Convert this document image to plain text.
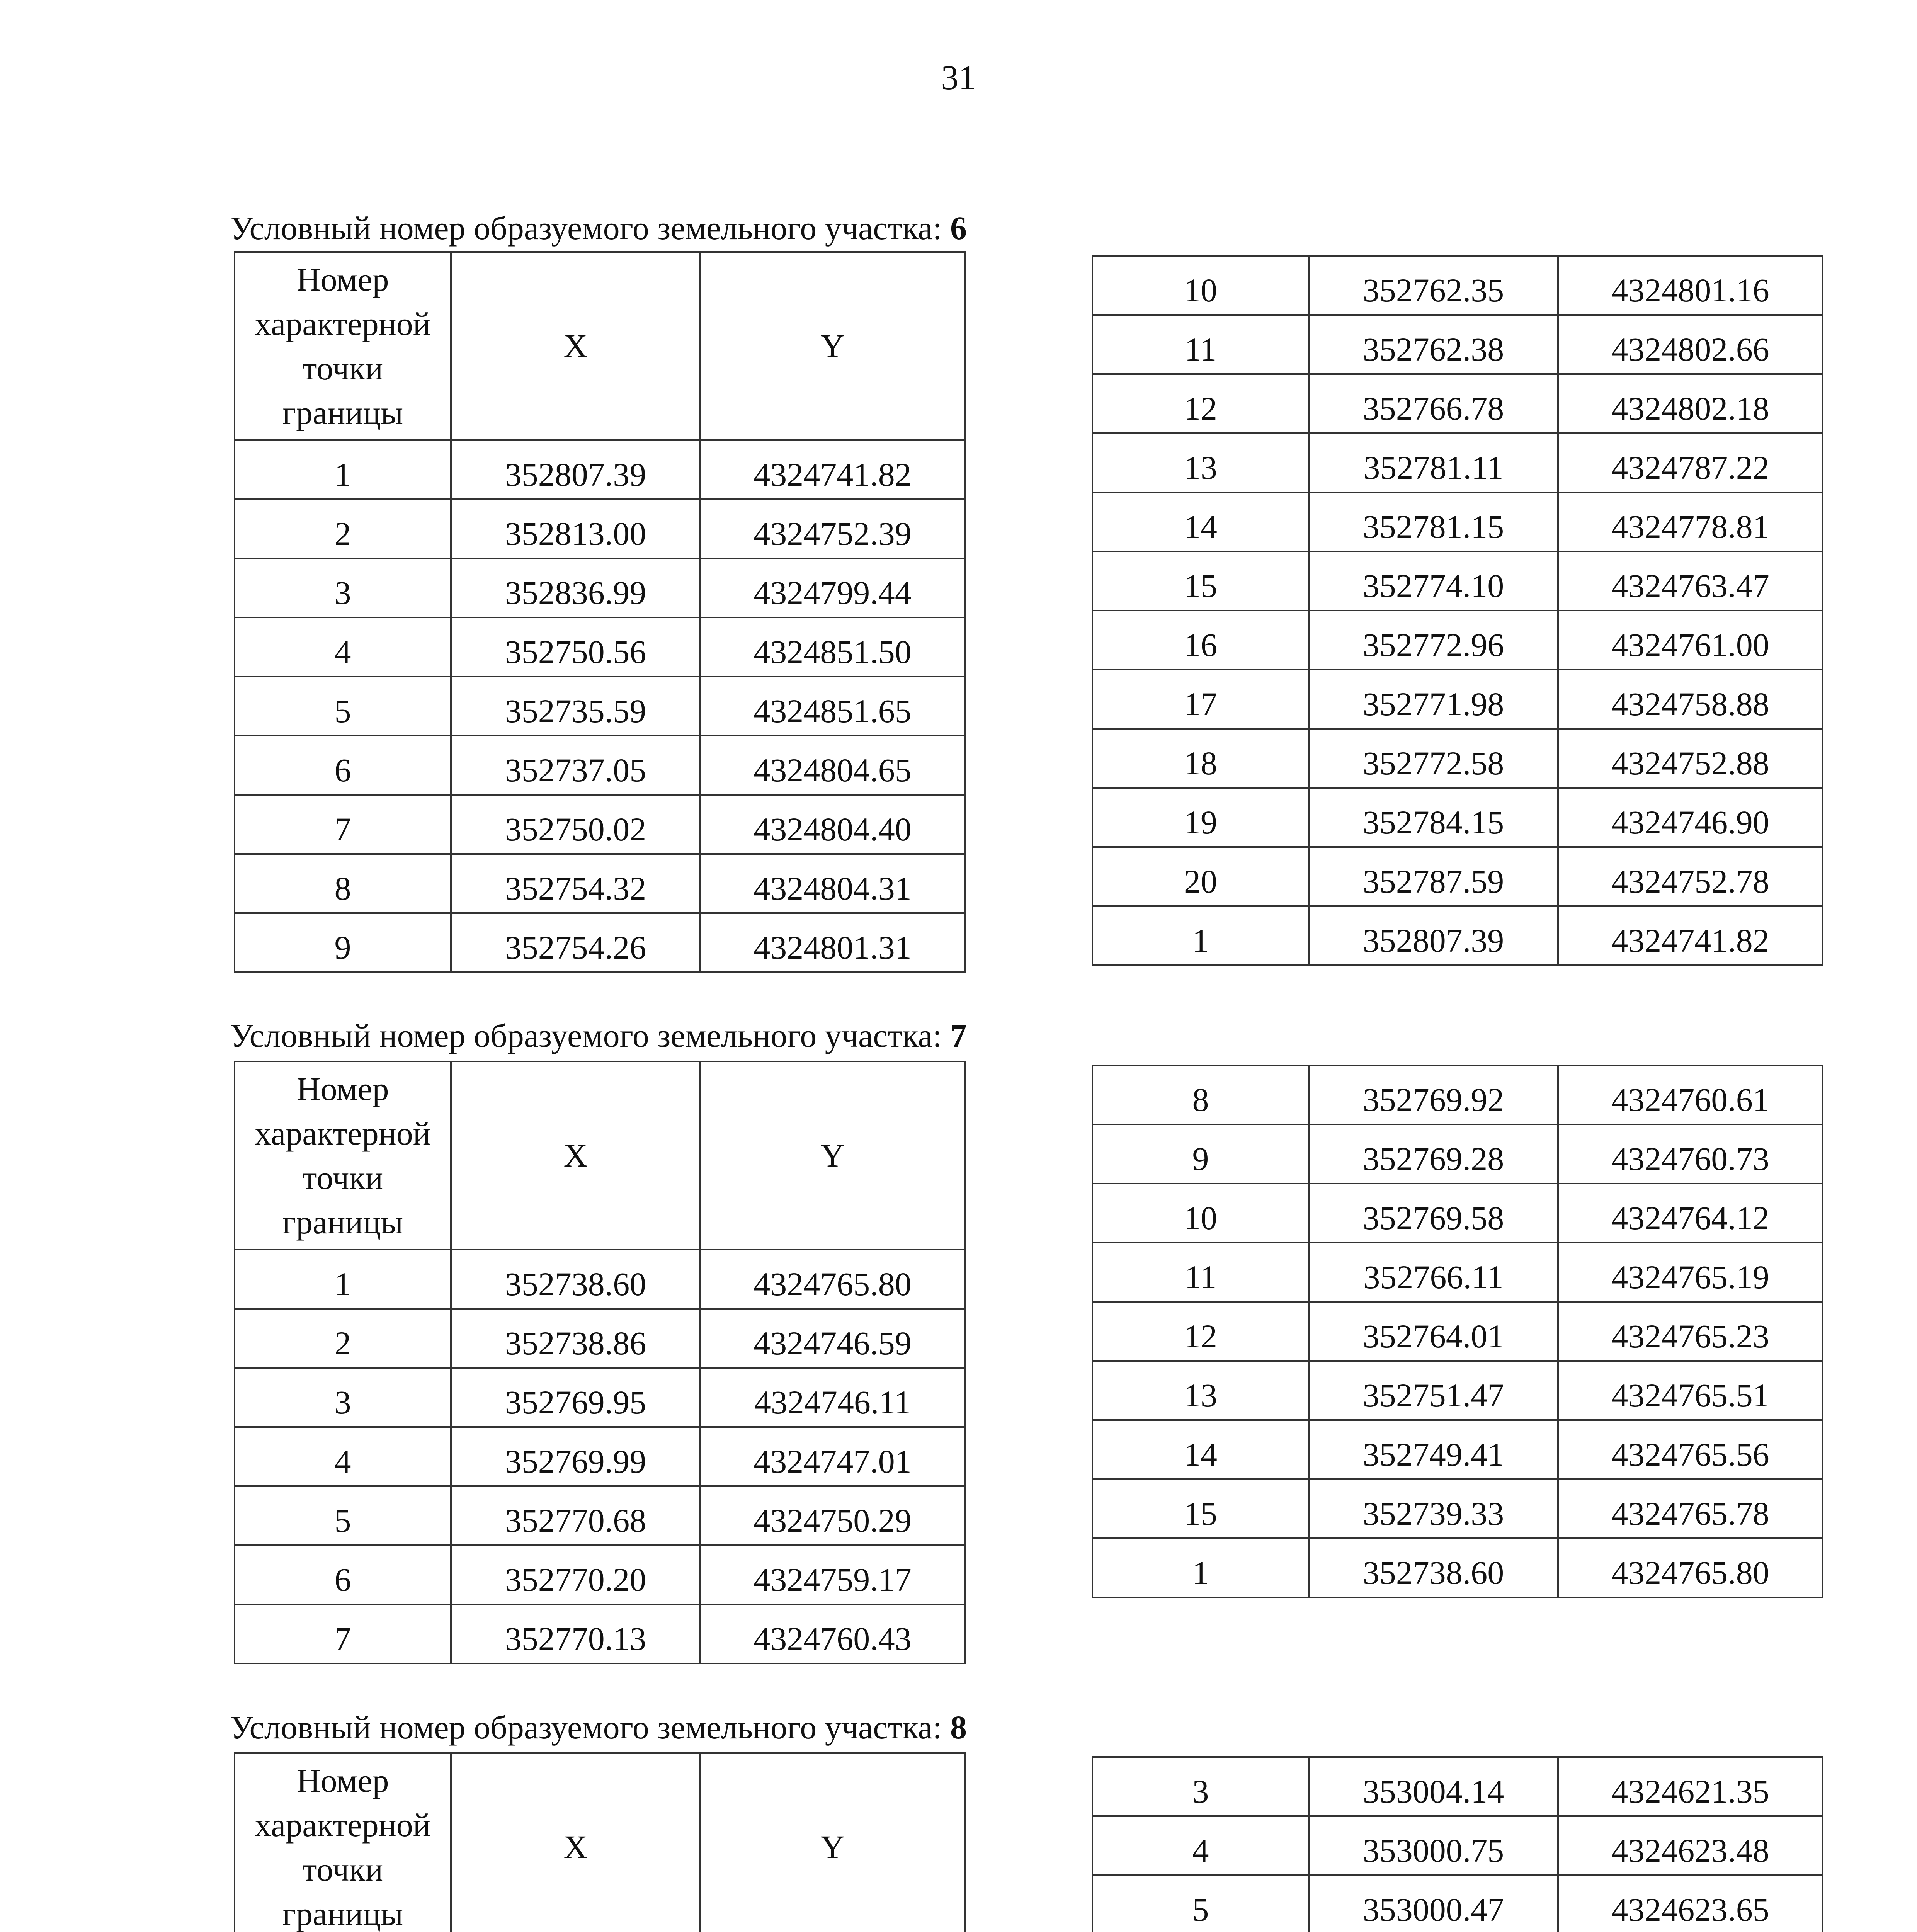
31
Условный номер образуемого земельного участка: 6
Номер характерной точки границы	X	Y
1	352807.39	4324741.82
2	352813.00	4324752.39
3	352836.99	4324799.44
4	352750.56	4324851.50
5	352735.59	4324851.65
6	352737.05	4324804.65
7	352750.02	4324804.40
8	352754.32	4324804.31
9	352754.26	4324801.31
10	352762.35	4324801.16
11	352762.38	4324802.66
12	352766.78	4324802.18
13	352781.11	4324787.22
14	352781.15	4324778.81
15	352774.10	4324763.47
16	352772.96	4324761.00
17	352771.98	4324758.88
18	352772.58	4324752.88
19	352784.15	4324746.90
20	352787.59	4324752.78
1	352807.39	4324741.82
Условный номер образуемого земельного участка: 7
Номер характерной точки границы	X	Y
1	352738.60	4324765.80
2	352738.86	4324746.59
3	352769.95	4324746.11
4	352769.99	4324747.01
5	352770.68	4324750.29
6	352770.20	4324759.17
7	352770.13	4324760.43
8	352769.92	4324760.61
9	352769.28	4324760.73
10	352769.58	4324764.12
11	352766.11	4324765.19
12	352764.01	4324765.23
13	352751.47	4324765.51
14	352749.41	4324765.56
15	352739.33	4324765.78
1	352738.60	4324765.80
Условный номер образуемого земельного участка: 8
Номер характерной точки границы	X	Y

3	353004.14	4324621.35
4	353000.75	4324623.48
5	353000.47	4324623.65
